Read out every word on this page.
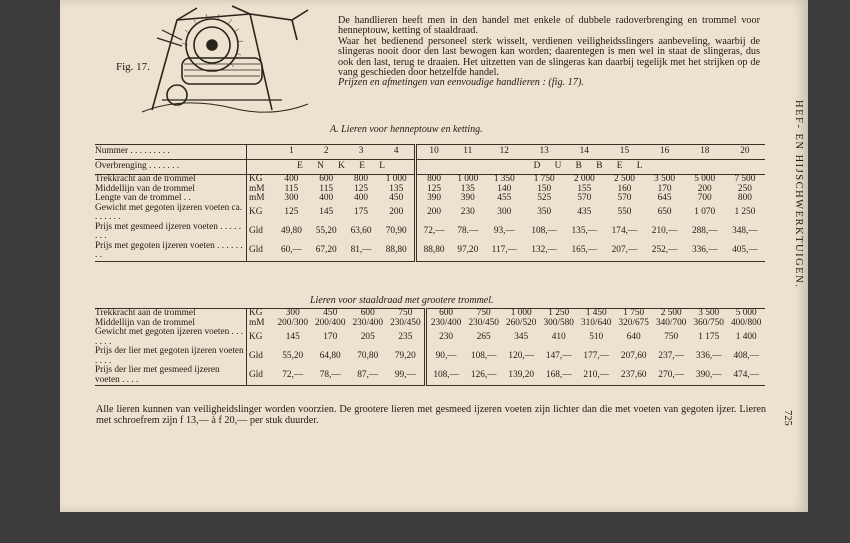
Fig. 17.

De handlieren heeft men in den handel met enkele of dubbele radoverbrenging en trommel voor henneptouw, ketting of staaldraad.

Waar het bedienend personeel sterk wisselt, verdienen veiligheidsslingers aanbeveling, waarbij de slingeras nooit door den last bewogen kan worden; daarentegen is men wel in staat de slingeras, dus ook den last, terug te draaien. Het uitzetten van de slingeras kan daarbij tegelijk met het strijken op de vang geschieden door hetzelfde handel.

Prijzen en afmetingen van eenvoudige handlieren : (fig. 17).

A. Lieren voor henneptouw en ketting.
Nummer . . . . . . . . .		1	2	3	4	10	11	12	13	14	15	16	18	20
Overbrenging . . . . . . .		E N K E L				D U B B E L								
Trekkracht aan de trommel	KG	400	600	800	1 000	800	1 000	1 350	1 750	2 000	2 500	3 500	5 000	7 500
Middellijn van de trommel	mM	115	115	125	135	125	135	140	150	155	160	170	200	250
Lengte van de trommel . .	mM	300	400	400	450	390	390	455	525	570	570	645	700	800
Gewicht met gegoten ijzeren voeten ca. . . . . . .	KG	125	145	175	200	200	230	300	350	435	550	650	1 070	1 250
Prijs met gesmeed ijzeren voeten . . . . . . . .	Gld	49,80	55,20	63,60	70,90	72,—	78.—	93,—	108,—	135,—	174,—	210,—	288,—	348,—
Prijs met gegoten ijzeren voeten . . . . . . . .	Gld	60,—	67,20	81,—	88,80	88,80	97,20	117,—	132,—	165,—	207,—	252,—	336,—	405,—

Lieren voor staaldraad met grootere trommel.
Trekkracht aan de trommel	KG	300	450	600	750	600	750	1 000	1 250	1 450	1 750	2 500	3 500	5 000
Middellijn van de trommel	mM	200/300	200/400	230/400	230/450	230/400	230/450	260/520	300/580	310/640	320/675	340/700	360/750	400/800
Gewicht met gegoten ijzeren voeten . . . . . . .	KG	145	170	205	235	230	265	345	410	510	640	750	1 175	1 400
Prijs der lier met gegoten ijzeren voeten . . . .	Gld	55,20	64,80	70,80	79,20	90,—	108,—	120,—	147,—	177,—	207,60	237,—	336,—	408,—
Prijs der lier met gesmeed ijzeren voeten . . . .	Gld	72,—	78,—	87,—	99,—	108,—	126,—	139,20	168,—	210,—	237,60	270,—	390,—	474,—

Alle lieren kunnen van veiligheidslinger worden voorzien. De grootere lieren met gesmeed ijzeren voeten zijn lichter dan die met voeten van gegoten ijzer. Lieren met schroefrem zijn f 13,— à f 20,— per stuk duurder.
HEF- EN HIJSCHWERKTUIGEN.
725
